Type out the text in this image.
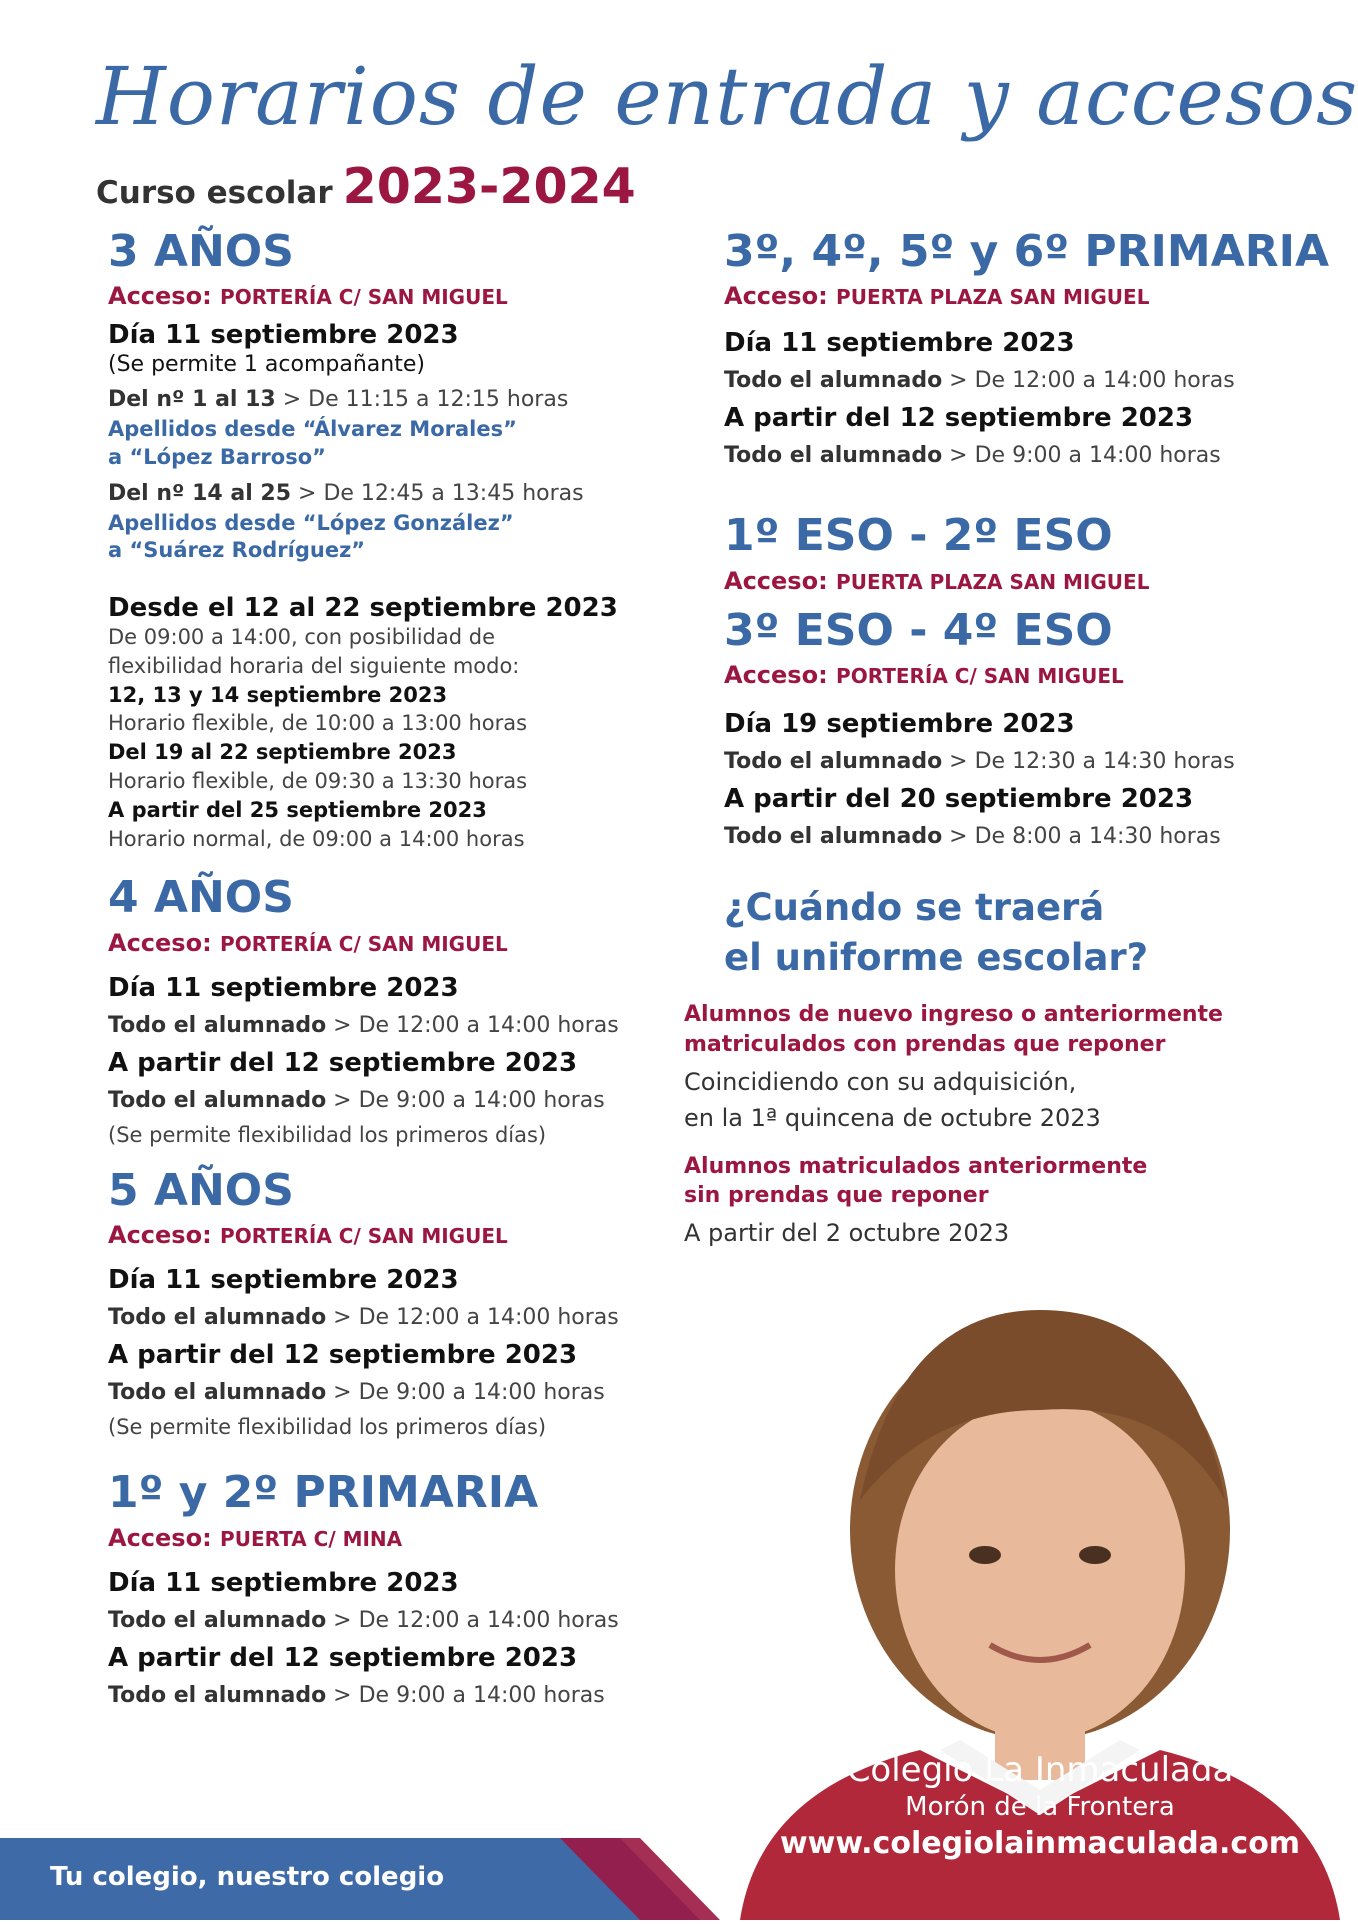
Horarios de entrada y accesos
Curso escolar 2023-2024
3 AÑOS
Acceso: PORTERÍA C/ SAN MIGUEL
Día 11 septiembre 2023
(Se permite 1 acompañante)
Del nº 1 al 13 > De 11:15 a 12:15 horas
Apellidos desde “Álvarez Morales”
a “López Barroso”
Del nº 14 al 25 > De 12:45 a 13:45 horas
Apellidos desde “López González”
a “Suárez Rodríguez”
Desde el 12 al 22 septiembre 2023
De 09:00 a 14:00, con posibilidad de
flexibilidad horaria del siguiente modo:
12, 13 y 14 septiembre 2023
Horario flexible, de 10:00 a 13:00 horas
Del 19 al 22 septiembre 2023
Horario flexible, de 09:30 a 13:30 horas
A partir del 25 septiembre 2023
Horario normal, de 09:00 a 14:00 horas
4 AÑOS
Acceso: PORTERÍA C/ SAN MIGUEL
Día 11 septiembre 2023
Todo el alumnado > De 12:00 a 14:00 horas
A partir del 12 septiembre 2023
Todo el alumnado > De 9:00 a 14:00 horas
(Se permite flexibilidad los primeros días)
5 AÑOS
Acceso: PORTERÍA C/ SAN MIGUEL
Día 11 septiembre 2023
Todo el alumnado > De 12:00 a 14:00 horas
A partir del 12 septiembre 2023
Todo el alumnado > De 9:00 a 14:00 horas
(Se permite flexibilidad los primeros días)
1º y 2º PRIMARIA
Acceso: PUERTA C/ MINA
Día 11 septiembre 2023
Todo el alumnado > De 12:00 a 14:00 horas
A partir del 12 septiembre 2023
Todo el alumnado > De 9:00 a 14:00 horas
3º, 4º, 5º y 6º PRIMARIA
Acceso: PUERTA PLAZA SAN MIGUEL
Día 11 septiembre 2023
Todo el alumnado > De 12:00 a 14:00 horas
A partir del 12 septiembre 2023
Todo el alumnado > De 9:00 a 14:00 horas
1º ESO - 2º ESO
Acceso: PUERTA PLAZA SAN MIGUEL
3º ESO - 4º ESO
Acceso: PORTERÍA C/ SAN MIGUEL
Día 19 septiembre 2023
Todo el alumnado > De 12:30 a 14:30 horas
A partir del 20 septiembre 2023
Todo el alumnado > De 8:00 a 14:30 horas
¿Cuándo se traerá
el uniforme escolar?
Alumnos de nuevo ingreso o anteriormente
matriculados con prendas que reponer
Coincidiendo con su adquisición,
en la 1ª quincena de octubre 2023
Alumnos matriculados anteriormente
sin prendas que reponer
A partir del 2 octubre 2023
Tu colegio, nuestro colegio
Colegio La Inmaculada
Morón de la Frontera
www.colegiolainmaculada.com
